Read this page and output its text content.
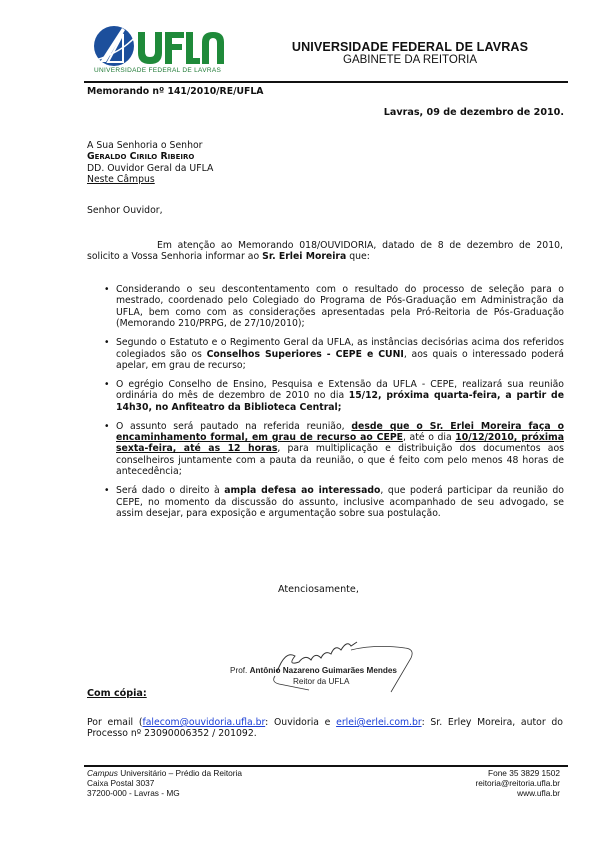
UNIVERSIDADE FEDERAL DE LAVRAS
UNIVERSIDADE FEDERAL DE LAVRAS
GABINETE DA REITORIA
Memorando nº 141/2010/RE/UFLA
Lavras, 09 de dezembro de 2010.
A Sua Senhoria o Senhor
Geraldo Cirilo Ribeiro
DD. Ouvidor Geral da UFLA
Neste Câmpus
Senhor Ouvidor,
Em atenção ao Memorando 018/OUVIDORIA, datado de 8 de dezembro de 2010, solicito a Vossa Senhoria informar ao Sr. Erlei Moreira que:
• Considerando o seu descontentamento com o resultado do processo de seleção para o mestrado, coordenado pelo Colegiado do Programa de Pós-Graduação em Administração da UFLA, bem como com as considerações apresentadas pela Pró-Reitoria de Pós-Graduação (Memorando 210/PRPG, de 27/10/2010);
• Segundo o Estatuto e o Regimento Geral da UFLA, as instâncias decisórias acima dos referidos colegiados são os Conselhos Superiores - CEPE e CUNI, aos quais o interessado poderá apelar, em grau de recurso;
• O egrégio Conselho de Ensino, Pesquisa e Extensão da UFLA - CEPE, realizará sua reunião ordinária do mês de dezembro de 2010 no dia 15/12, próxima quarta-feira, a partir de 14h30, no Anfiteatro da Biblioteca Central;
• O assunto será pautado na referida reunião, desde que o Sr. Erlei Moreira faça o encaminhamento formal, em grau de recurso ao CEPE, até o dia 10/12/2010, próxima sexta-feira, até as 12 horas, para multiplicação e distribuição dos documentos aos conselheiros juntamente com a pauta da reunião, o que é feito com pelo menos 48 horas de antecedência;
• Será dado o direito à ampla defesa ao interessado, que poderá participar da reunião do CEPE, no momento da discussão do assunto, inclusive acompanhado de seu advogado, se assim desejar, para exposição e argumentação sobre sua postulação.
Atenciosamente,
Prof. Antônio Nazareno Guimarães Mendes
Reitor da UFLA
Com cópia:
Por email (falecom@ouvidoria.ufla.br: Ouvidoria e erlei@erlei.com.br: Sr. Erley Moreira, autor do Processo nº 23090006352 / 201092.
Campus Universitário – Prédio da Reitoria
Caixa Postal 3037
37200-000 - Lavras - MG
Fone 35 3829 1502
reitoria@reitoria.ufla.br
www.ufla.br
